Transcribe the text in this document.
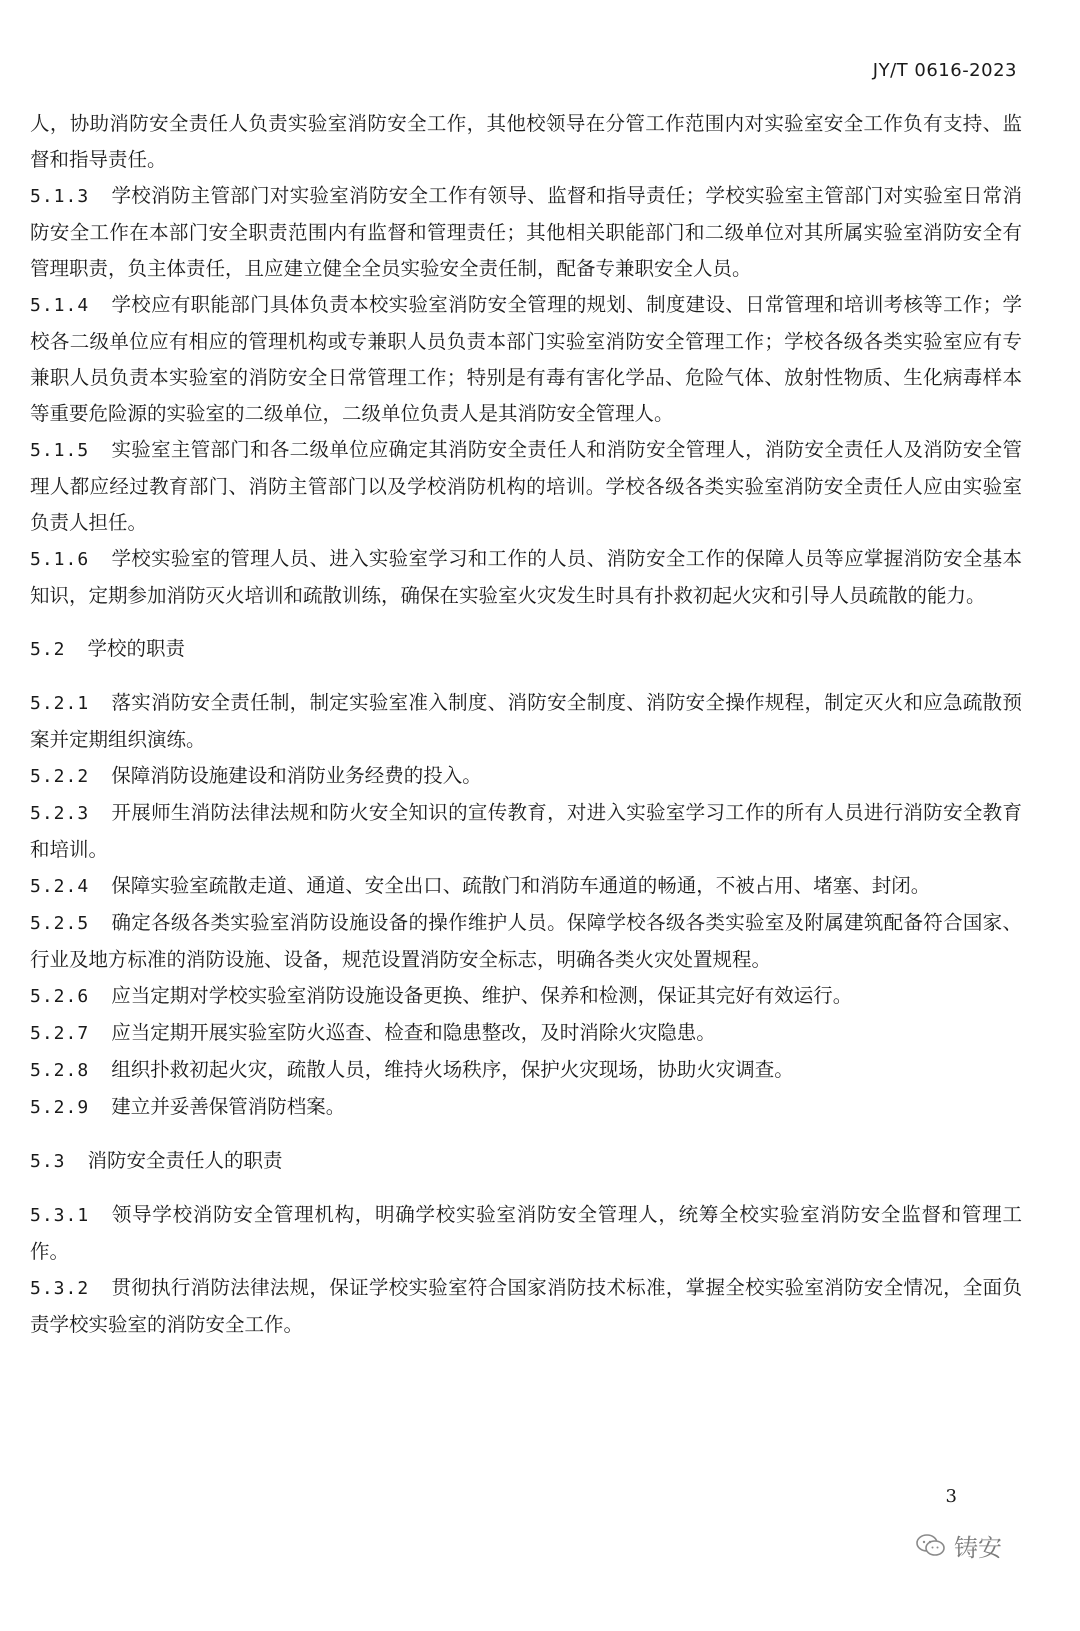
JY/T 0616-2023

人，协助消防安全责任人负责实验室消防安全工作，其他校领导在分管工作范围内对实验室安全工作负有支持、监督和指导责任。

5.1.3 学校消防主管部门对实验室消防安全工作有领导、监督和指导责任；学校实验室主管部门对实验室日常消防安全工作在本部门安全职责范围内有监督和管理责任；其他相关职能部门和二级单位对其所属实验室消防安全有管理职责，负主体责任，且应建立健全全员实验安全责任制，配备专兼职安全人员。

5.1.4 学校应有职能部门具体负责本校实验室消防安全管理的规划、制度建设、日常管理和培训考核等工作；学校各二级单位应有相应的管理机构或专兼职人员负责本部门实验室消防安全管理工作；学校各级各类实验室应有专兼职人员负责本实验室的消防安全日常管理工作；特别是有毒有害化学品、危险气体、放射性物质、生化病毒样本等重要危险源的实验室的二级单位，二级单位负责人是其消防安全管理人。

5.1.5 实验室主管部门和各二级单位应确定其消防安全责任人和消防安全管理人，消防安全责任人及消防安全管理人都应经过教育部门、消防主管部门以及学校消防机构的培训。学校各级各类实验室消防安全责任人应由实验室负责人担任。

5.1.6 学校实验室的管理人员、进入实验室学习和工作的人员、消防安全工作的保障人员等应掌握消防安全基本知识，定期参加消防灭火培训和疏散训练，确保在实验室火灾发生时具有扑救初起火灾和引导人员疏散的能力。

5.2 学校的职责

5.2.1 落实消防安全责任制，制定实验室准入制度、消防安全制度、消防安全操作规程，制定灭火和应急疏散预案并定期组织演练。

5.2.2 保障消防设施建设和消防业务经费的投入。

5.2.3 开展师生消防法律法规和防火安全知识的宣传教育，对进入实验室学习工作的所有人员进行消防安全教育和培训。

5.2.4 保障实验室疏散走道、通道、安全出口、疏散门和消防车通道的畅通，不被占用、堵塞、封闭。

5.2.5 确定各级各类实验室消防设施设备的操作维护人员。保障学校各级各类实验室及附属建筑配备符合国家、行业及地方标准的消防设施、设备，规范设置消防安全标志，明确各类火灾处置规程。

5.2.6 应当定期对学校实验室消防设施设备更换、维护、保养和检测，保证其完好有效运行。

5.2.7 应当定期开展实验室防火巡查、检查和隐患整改，及时消除火灾隐患。

5.2.8 组织扑救初起火灾，疏散人员，维持火场秩序，保护火灾现场，协助火灾调查。

5.2.9 建立并妥善保管消防档案。

5.3 消防安全责任人的职责

5.3.1 领导学校消防安全管理机构，明确学校实验室消防安全管理人，统筹全校实验室消防安全监督和管理工作。

5.3.2 贯彻执行消防法律法规，保证学校实验室符合国家消防技术标准，掌握全校实验室消防安全情况，全面负责学校实验室的消防安全工作。

3
铸安
